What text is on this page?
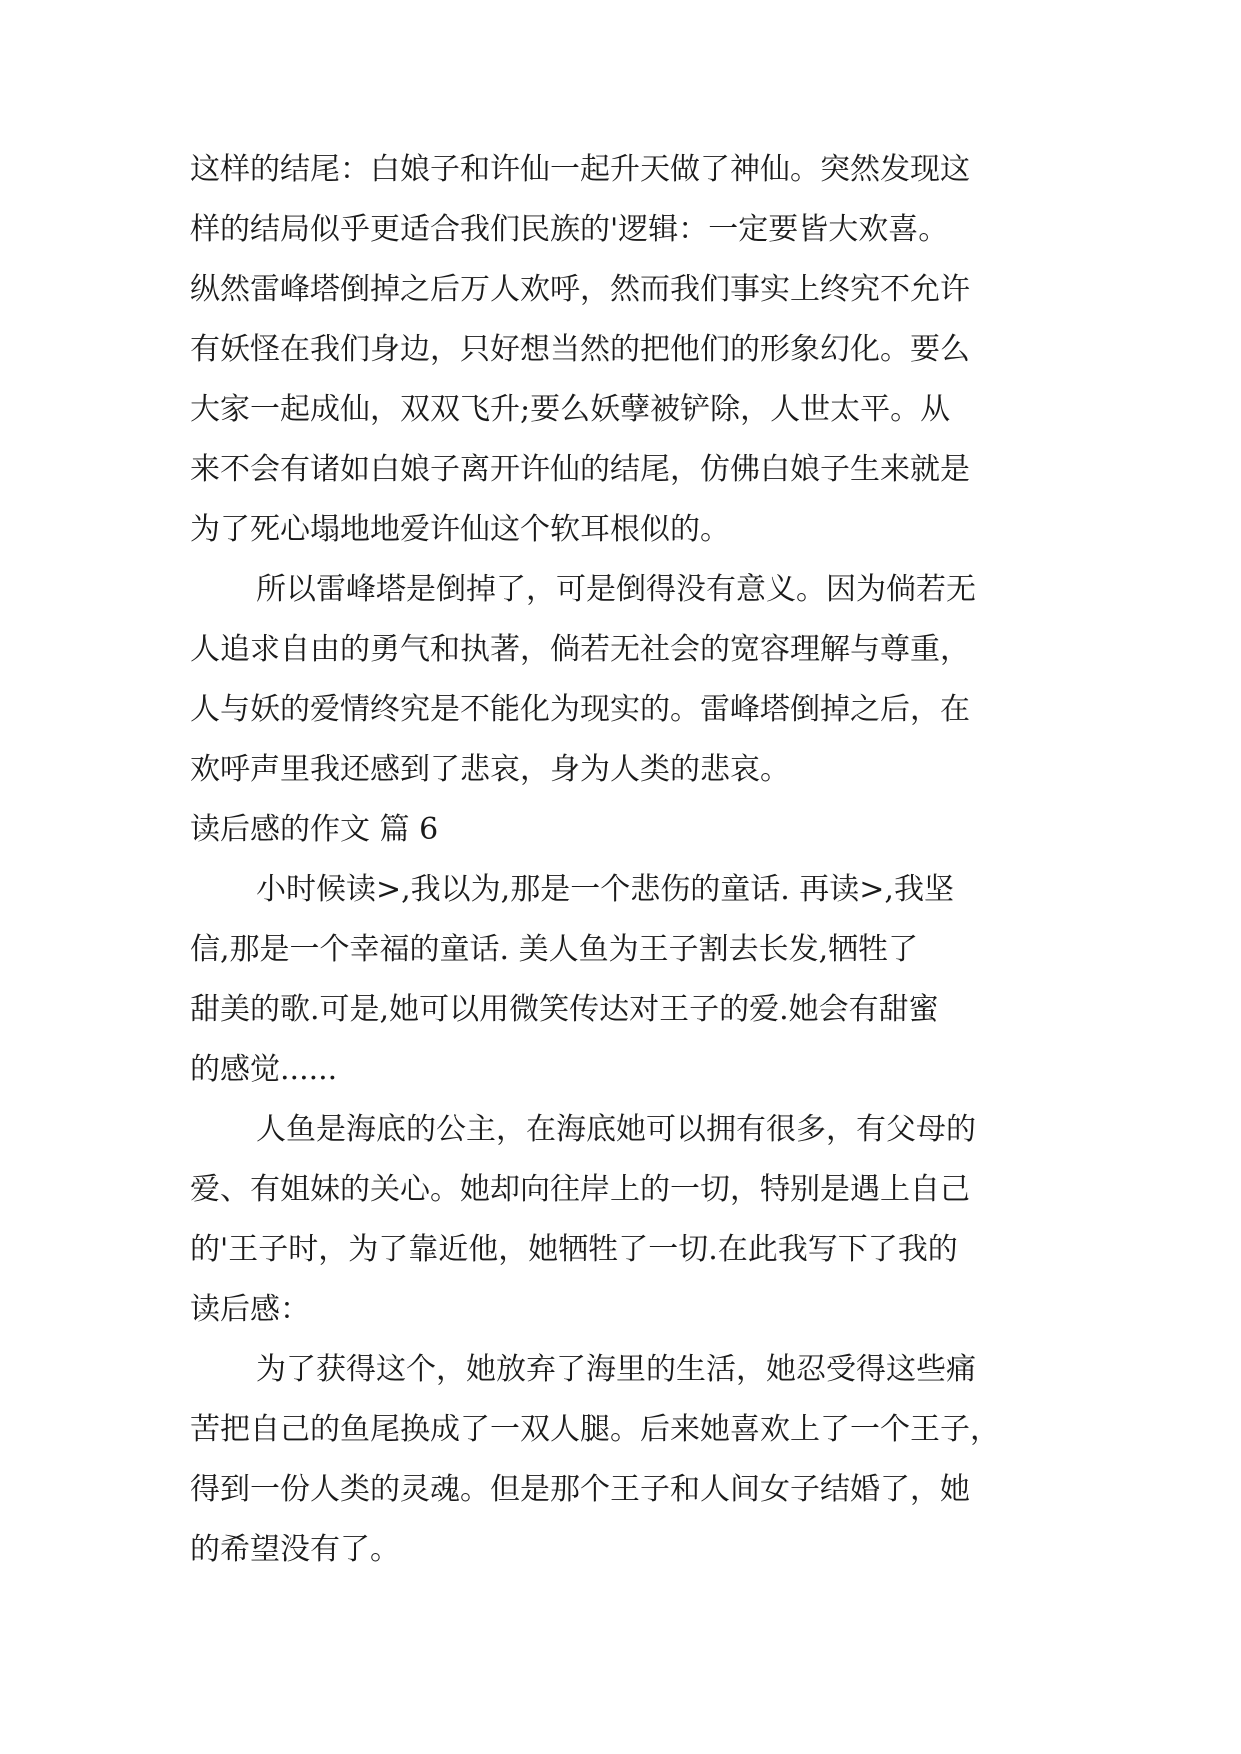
这样的结尾：白娘子和许仙一起升天做了神仙。突然发现这
样的结局似乎更适合我们民族的'逻辑：一定要皆大欢喜。
纵然雷峰塔倒掉之后万人欢呼，然而我们事实上终究不允许
有妖怪在我们身边，只好想当然的把他们的形象幻化。要么
大家一起成仙，双双飞升;要么妖孽被铲除，人世太平。从
来不会有诸如白娘子离开许仙的结尾，仿佛白娘子生来就是
为了死心塌地地爱许仙这个软耳根似的。
所以雷峰塔是倒掉了，可是倒得没有意义。因为倘若无
人追求自由的勇气和执著，倘若无社会的宽容理解与尊重，
人与妖的爱情终究是不能化为现实的。雷峰塔倒掉之后，在
欢呼声里我还感到了悲哀，身为人类的悲哀。
读后感的作文 篇 6
小时候读>,我以为,那是一个悲伤的童话. 再读>,我坚
信,那是一个幸福的童话. 美人鱼为王子割去长发,牺牲了
甜美的歌.可是,她可以用微笑传达对王子的爱.她会有甜蜜
的感觉......
人鱼是海底的公主，在海底她可以拥有很多，有父母的
爱、有姐妹的关心。她却向往岸上的一切，特别是遇上自己
的'王子时，为了靠近他，她牺牲了一切.在此我写下了我的
读后感：
为了获得这个，她放弃了海里的生活，她忍受得这些痛
苦把自己的鱼尾换成了一双人腿。后来她喜欢上了一个王子，
得到一份人类的灵魂。但是那个王子和人间女子结婚了，她
的希望没有了。
